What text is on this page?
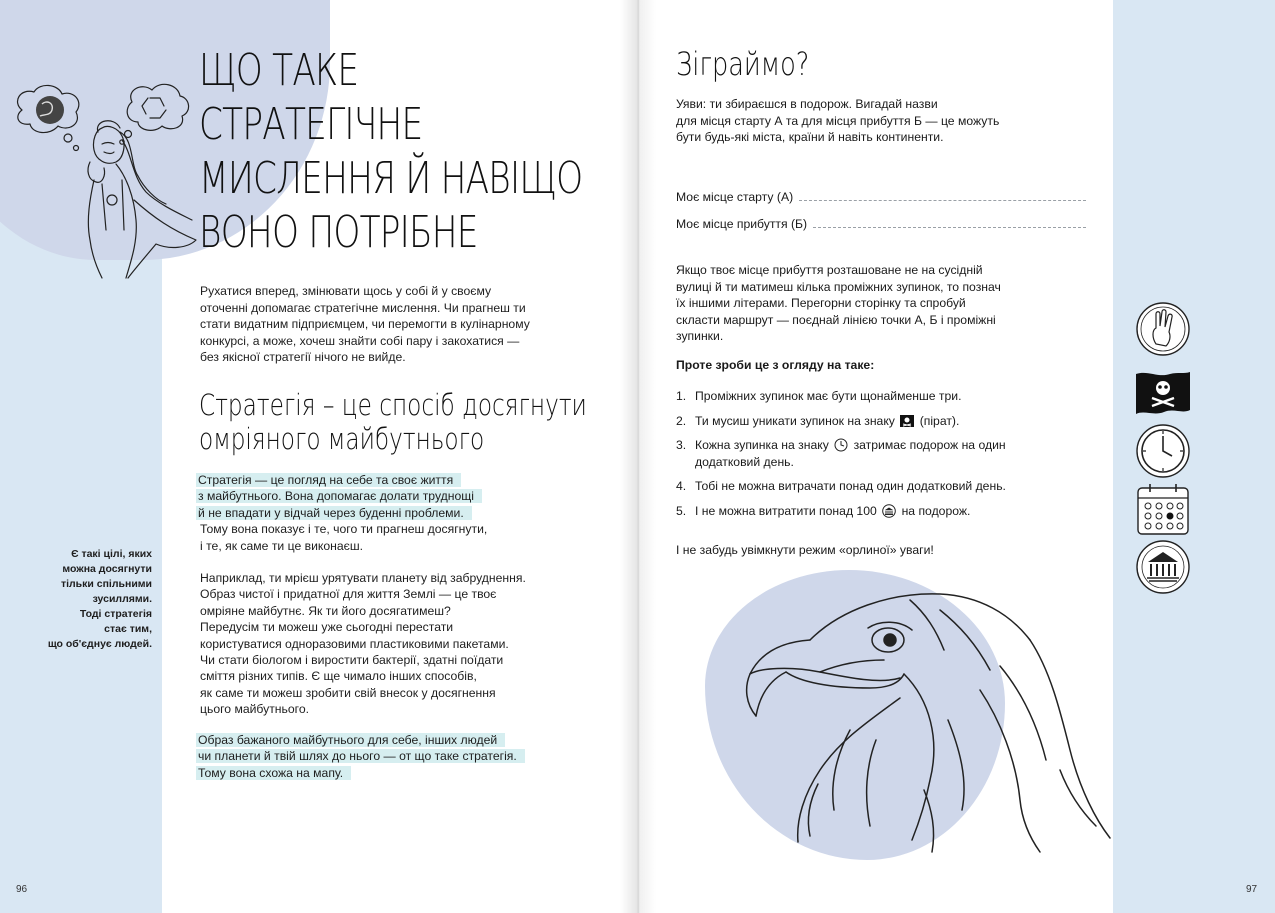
ЩО ТАКЕ
СТРАТЕГІЧНЕ
МИСЛЕННЯ Й НАВІЩО
ВОНО ПОТРІБНЕ
Рухатися вперед, змінювати щось у собі й у своєму
оточенні допомагає стратегічне мислення. Чи прагнеш ти
стати видатним підприємцем, чи перемогти в кулінарному
конкурсі, а може, хочеш знайти собі пару і закохатися —
без якісної стратегії нічого не вийде.
Стратегія – це спосіб досягнути
омріяного майбутнього
Стратегія — це погляд на себе та своє життя
з майбутнього. Вона допомагає долати труднощі
й не впадати у відчай через буденні проблеми.
Тому вона показує і те, чого ти прагнеш досягнути,
і те, як саме ти це виконаєш.
Наприклад, ти мрієш урятувати планету від забруднення.
Образ чистої і придатної для життя Землі — це твоє
омріяне майбутнє. Як ти його досягатимеш?
Передусім ти можеш уже сьогодні перестати
користуватися одноразовими пластиковими пакетами.
Чи стати біологом і виростити бактерії, здатні поїдати
сміття різних типів. Є ще чимало інших способів,
як саме ти можеш зробити свій внесок у досягнення
цього майбутнього.
Образ бажаного майбутнього для себе, інших людей
чи планети й твій шлях до нього — от що таке стратегія.
Тому вона схожа на мапу.
Є такі цілі, яких
можна досягнути
тільки спільними
зусиллями.
Тоді стратегія
стає тим,
що об'єднує людей.
96
Зіграймо?
Уяви: ти збираєшся в подорож. Вигадай назви
для місця старту А та для місця прибуття Б — це можуть
бути будь-які міста, країни й навіть континенти.
Моє місце старту (А)
Моє місце прибуття (Б)
Якщо твоє місце прибуття розташоване не на сусідній
вулиці й ти матимеш кілька проміжних зупинок, то познач
їх іншими літерами. Перегорни сторінку та спробуй
скласти маршрут — поєднай лінією точки А, Б і проміжні
зупинки.
Проте зроби це з огляду на таке:
1. Проміжних зупинок має бути щонайменше три.
2. Ти мусиш уникати зупинок на знаку (пірат).
3. Кожна зупинка на знаку затримає подорож на один
додатковий день.
4. Тобі не можна витрачати понад один додатковий день.
5. І не можна витратити понад 100 на подорож.
І не забудь увімкнути режим «орлиної» уваги!
97
